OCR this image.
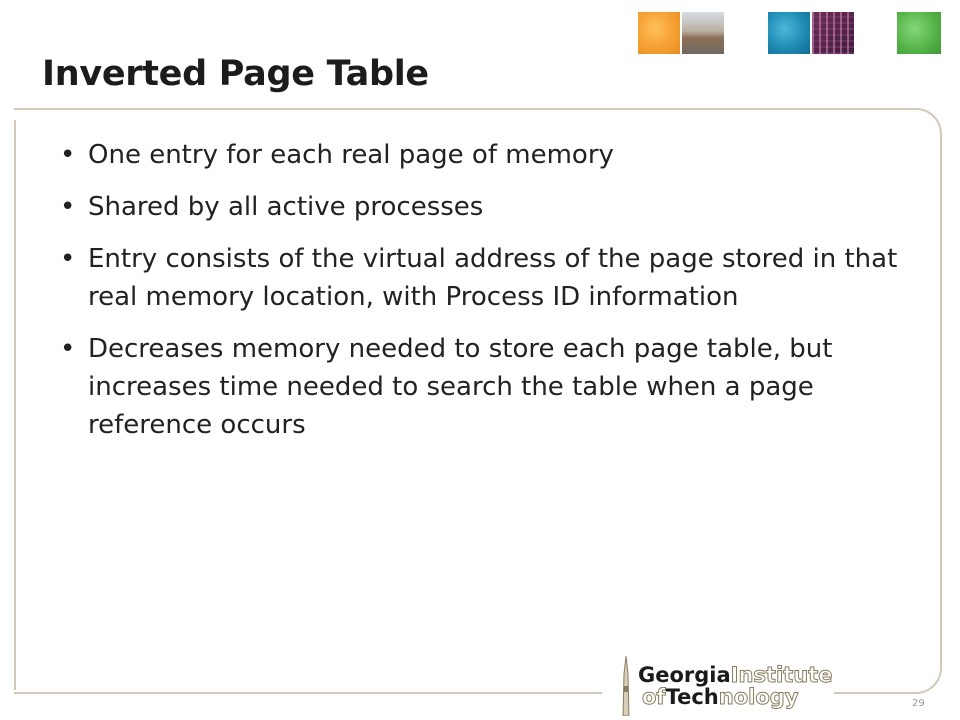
Inverted Page Table
• One entry for each real page of memory
• Shared by all active processes
• Entry consists of the virtual address of the page stored in that real memory location, with Process ID information
• Decreases memory needed to store each page table, but increases time needed to search the table when a page reference occurs
GeorgiaInstitute
ofTechnology	29
